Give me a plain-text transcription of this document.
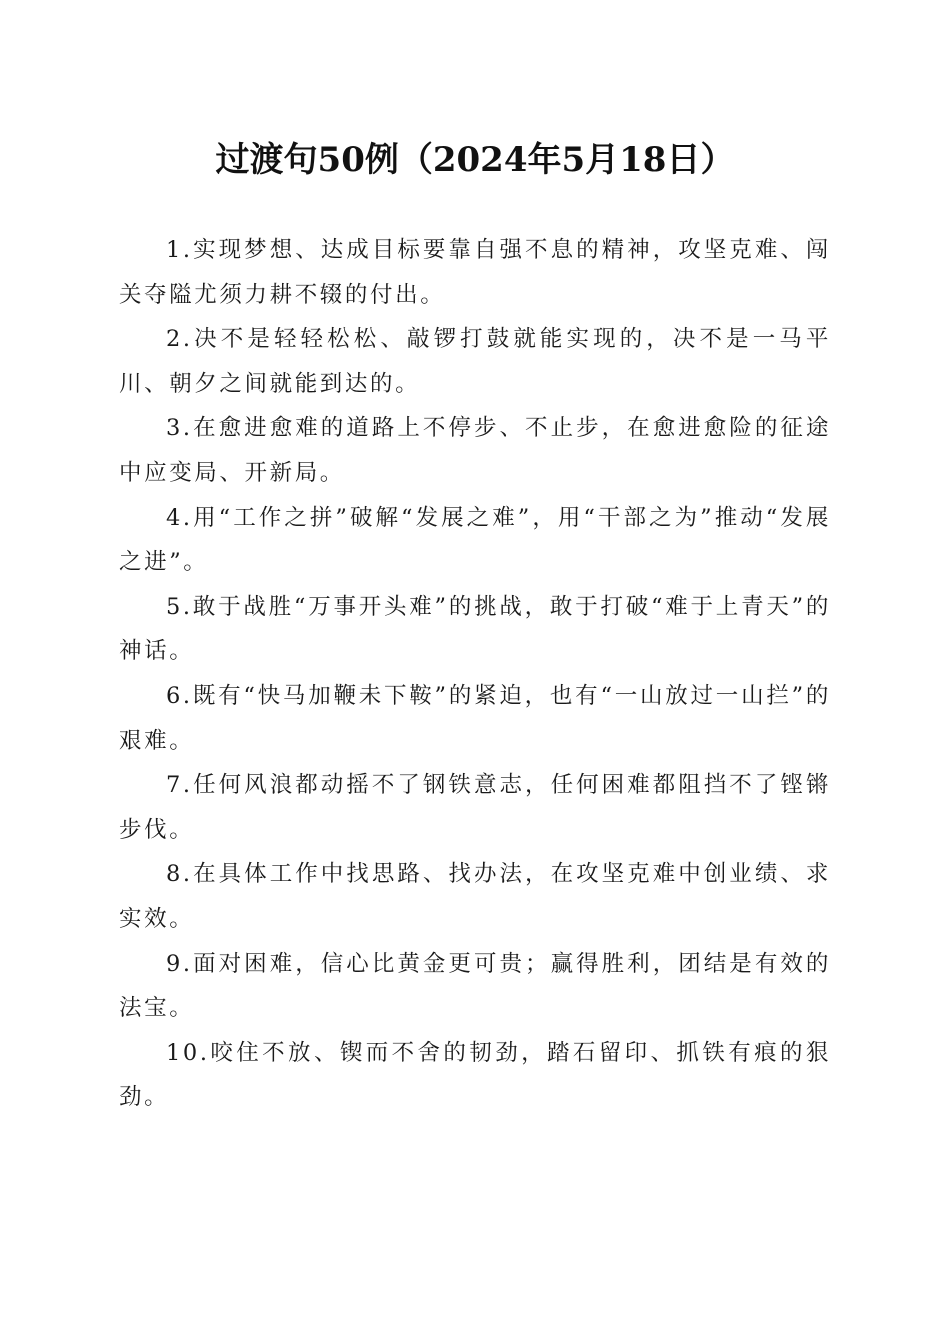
过渡句50例（2024年5月18日）

1.实现梦想、达成目标要靠自强不息的精神，攻坚克难、闯关夺隘尤须力耕不辍的付出。

2.决不是轻轻松松、敲锣打鼓就能实现的，决不是一马平川、朝夕之间就能到达的。

3.在愈进愈难的道路上不停步、不止步，在愈进愈险的征途中应变局、开新局。

4.用“工作之拼”破解“发展之难”，用“干部之为”推动“发展之进”。

5.敢于战胜“万事开头难”的挑战，敢于打破“难于上青天”的神话。

6.既有“快马加鞭未下鞍”的紧迫，也有“一山放过一山拦”的艰难。

7.任何风浪都动摇不了钢铁意志，任何困难都阻挡不了铿锵步伐。

8.在具体工作中找思路、找办法，在攻坚克难中创业绩、求实效。

9.面对困难，信心比黄金更可贵；赢得胜利，团结是有效的法宝。

10.咬住不放、锲而不舍的韧劲，踏石留印、抓铁有痕的狠劲。
